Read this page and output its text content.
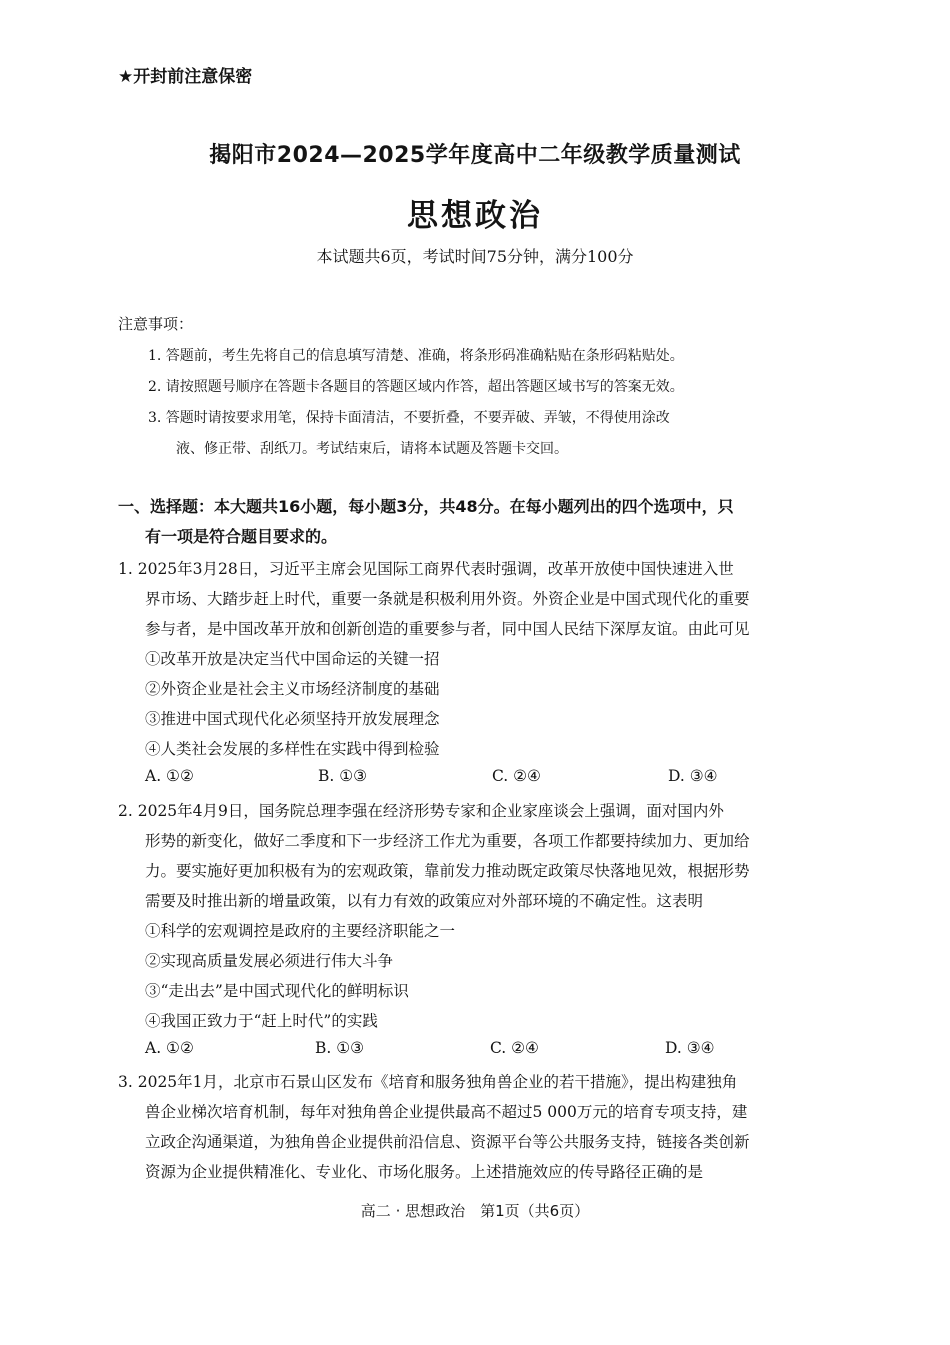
★开封前注意保密
揭阳市2024—2025学年度高中二年级教学质量测试
思想政治
本试题共6页，考试时间75分钟，满分100分
注意事项：
1. 答题前，考生先将自己的信息填写清楚、准确，将条形码准确粘贴在条形码粘贴处。
2. 请按照题号顺序在答题卡各题目的答题区域内作答，超出答题区域书写的答案无效。
3. 答题时请按要求用笔，保持卡面清洁，不要折叠，不要弄破、弄皱，不得使用涂改
液、修正带、刮纸刀。考试结束后，请将本试题及答题卡交回。
一、选择题：本大题共16小题，每小题3分，共48分。在每小题列出的四个选项中，只
有一项是符合题目要求的。
1. 2025年3月28日，习近平主席会见国际工商界代表时强调，改革开放使中国快速进入世
界市场、大踏步赶上时代，重要一条就是积极利用外资。外资企业是中国式现代化的重要
参与者，是中国改革开放和创新创造的重要参与者，同中国人民结下深厚友谊。由此可见
①改革开放是决定当代中国命运的关键一招
②外资企业是社会主义市场经济制度的基础
③推进中国式现代化必须坚持开放发展理念
④人类社会发展的多样性在实践中得到检验
A. ①②	B. ①③	C. ②④	D. ③④
2. 2025年4月9日，国务院总理李强在经济形势专家和企业家座谈会上强调，面对国内外
形势的新变化，做好二季度和下一步经济工作尤为重要，各项工作都要持续加力、更加给
力。要实施好更加积极有为的宏观政策，靠前发力推动既定政策尽快落地见效，根据形势
需要及时推出新的增量政策，以有力有效的政策应对外部环境的不确定性。这表明
①科学的宏观调控是政府的主要经济职能之一
②实现高质量发展必须进行伟大斗争
③“走出去”是中国式现代化的鲜明标识
④我国正致力于“赶上时代”的实践
A. ①②	B. ①③	C. ②④	D. ③④
3. 2025年1月，北京市石景山区发布《培育和服务独角兽企业的若干措施》，提出构建独角
兽企业梯次培育机制，每年对独角兽企业提供最高不超过5 000万元的培育专项支持，建
立政企沟通渠道，为独角兽企业提供前沿信息、资源平台等公共服务支持，链接各类创新
资源为企业提供精准化、专业化、市场化服务。上述措施效应的传导路径正确的是
高二 · 思想政治　第1页（共6页）
